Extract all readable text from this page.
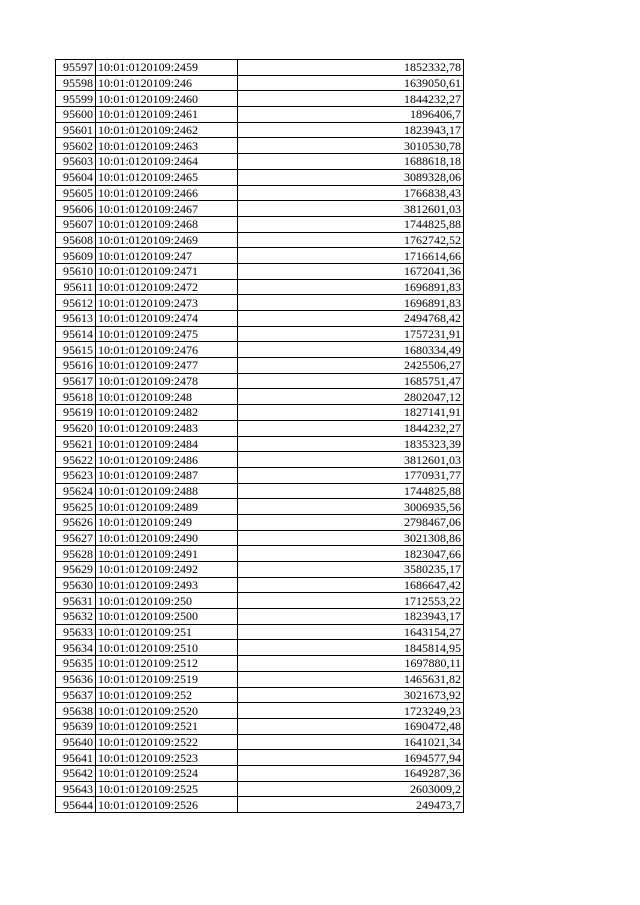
95597	10:01:0120109:2459	1852332,78
95598	10:01:0120109:246	1639050,61
95599	10:01:0120109:2460	1844232,27
95600	10:01:0120109:2461	1896406,7
95601	10:01:0120109:2462	1823943,17
95602	10:01:0120109:2463	3010530,78
95603	10:01:0120109:2464	1688618,18
95604	10:01:0120109:2465	3089328,06
95605	10:01:0120109:2466	1766838,43
95606	10:01:0120109:2467	3812601,03
95607	10:01:0120109:2468	1744825,88
95608	10:01:0120109:2469	1762742,52
95609	10:01:0120109:247	1716614,66
95610	10:01:0120109:2471	1672041,36
95611	10:01:0120109:2472	1696891,83
95612	10:01:0120109:2473	1696891,83
95613	10:01:0120109:2474	2494768,42
95614	10:01:0120109:2475	1757231,91
95615	10:01:0120109:2476	1680334,49
95616	10:01:0120109:2477	2425506,27
95617	10:01:0120109:2478	1685751,47
95618	10:01:0120109:248	2802047,12
95619	10:01:0120109:2482	1827141,91
95620	10:01:0120109:2483	1844232,27
95621	10:01:0120109:2484	1835323,39
95622	10:01:0120109:2486	3812601,03
95623	10:01:0120109:2487	1770931,77
95624	10:01:0120109:2488	1744825,88
95625	10:01:0120109:2489	3006935,56
95626	10:01:0120109:249	2798467,06
95627	10:01:0120109:2490	3021308,86
95628	10:01:0120109:2491	1823047,66
95629	10:01:0120109:2492	3580235,17
95630	10:01:0120109:2493	1686647,42
95631	10:01:0120109:250	1712553,22
95632	10:01:0120109:2500	1823943,17
95633	10:01:0120109:251	1643154,27
95634	10:01:0120109:2510	1845814,95
95635	10:01:0120109:2512	1697880,11
95636	10:01:0120109:2519	1465631,82
95637	10:01:0120109:252	3021673,92
95638	10:01:0120109:2520	1723249,23
95639	10:01:0120109:2521	1690472,48
95640	10:01:0120109:2522	1641021,34
95641	10:01:0120109:2523	1694577,94
95642	10:01:0120109:2524	1649287,36
95643	10:01:0120109:2525	2603009,2
95644	10:01:0120109:2526	249473,7
